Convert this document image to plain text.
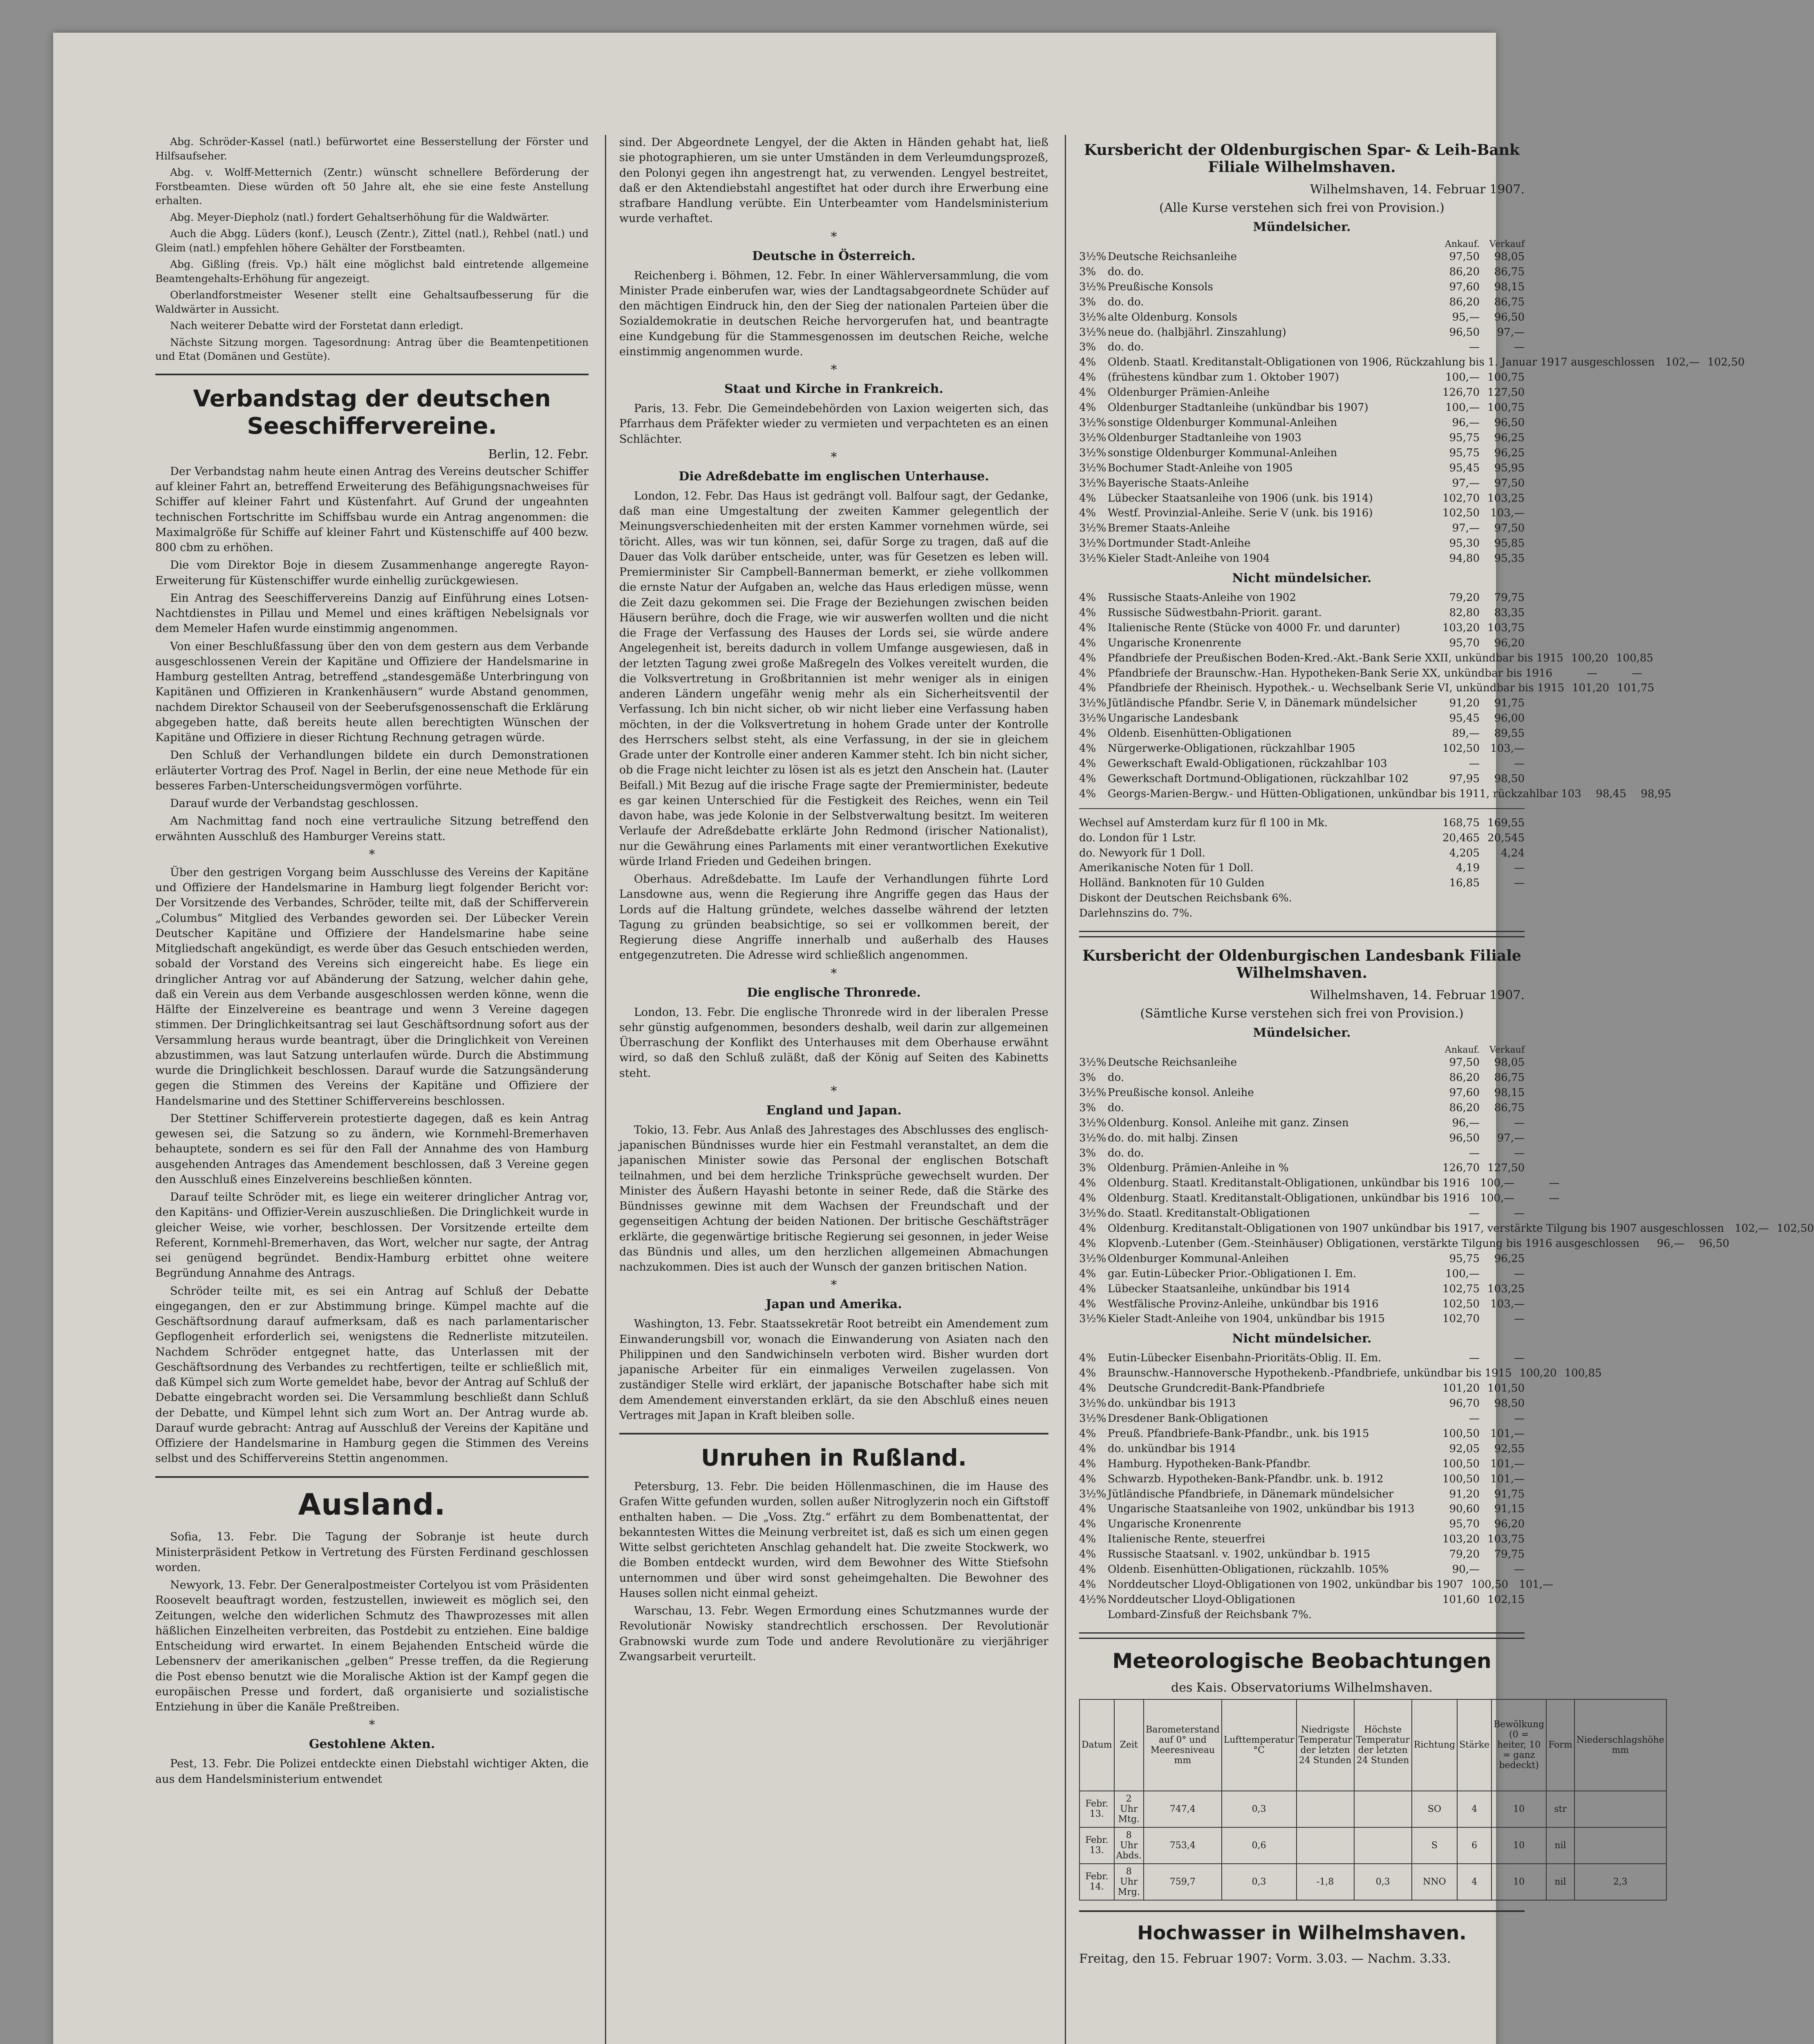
Abg. Schröder-Kassel (natl.) befürwortet eine Besserstellung der Förster und Hilfsaufseher.

Abg. v. Wolff-Metternich (Zentr.) wünscht schnellere Beförderung der Forstbeamten. Diese würden oft 50 Jahre alt, ehe sie eine feste Anstellung erhalten.

Abg. Meyer-Diepholz (natl.) fordert Gehaltserhöhung für die Waldwärter.

Auch die Abgg. Lüders (konf.), Leusch (Zentr.), Zittel (natl.), Rehbel (natl.) und Gleim (natl.) empfehlen höhere Gehälter der Forstbeamten.

Abg. Gißling (freis. Vp.) hält eine möglichst bald eintretende allgemeine Beamtengehalts-Erhöhung für angezeigt.

Oberlandforstmeister Wesener stellt eine Gehaltsaufbesserung für die Waldwärter in Aussicht.

Nach weiterer Debatte wird der Forstetat dann erledigt.

Nächste Sitzung morgen. Tagesordnung: Antrag über die Beamtenpetitionen und Etat (Domänen und Gestüte).

Verbandstag der deutschen Seeschiffervereine.
Berlin, 12. Febr.

Der Verbandstag nahm heute einen Antrag des Vereins deutscher Schiffer auf kleiner Fahrt an, betreffend Erweiterung des Befähigungsnachweises für Schiffer auf kleiner Fahrt und Küstenfahrt. Auf Grund der ungeahnten technischen Fortschritte im Schiffsbau wurde ein Antrag angenommen: die Maximalgröße für Schiffe auf kleiner Fahrt und Küstenschiffe auf 400 bezw. 800 cbm zu erhöhen.

Die vom Direktor Boje in diesem Zusammenhange angeregte Rayon-Erweiterung für Küstenschiffer wurde einhellig zurückgewiesen.

Ein Antrag des Seeschiffervereins Danzig auf Einführung eines Lotsen-Nachtdienstes in Pillau und Memel und eines kräftigen Nebelsignals vor dem Memeler Hafen wurde einstimmig angenommen.

Von einer Beschlußfassung über den von dem gestern aus dem Verbande ausgeschlossenen Verein der Kapitäne und Offiziere der Handelsmarine in Hamburg gestellten Antrag, betreffend „standesgemäße Unterbringung von Kapitänen und Offizieren in Krankenhäusern“ wurde Abstand genommen, nachdem Direktor Schauseil von der Seeberufsgenossenschaft die Erklärung abgegeben hatte, daß bereits heute allen berechtigten Wünschen der Kapitäne und Offiziere in dieser Richtung Rechnung getragen würde.

Den Schluß der Verhandlungen bildete ein durch Demonstrationen erläuterter Vortrag des Prof. Nagel in Berlin, der eine neue Methode für ein besseres Farben-Unterscheidungsvermögen vorführte.

Darauf wurde der Verbandstag geschlossen.

Am Nachmittag fand noch eine vertrauliche Sitzung betreffend den erwähnten Ausschluß des Hamburger Vereins statt.

*

Über den gestrigen Vorgang beim Ausschlusse des Vereins der Kapitäne und Offiziere der Handelsmarine in Hamburg liegt folgender Bericht vor: Der Vorsitzende des Verbandes, Schröder, teilte mit, daß der Schifferverein „Columbus“ Mitglied des Verbandes geworden sei. Der Lübecker Verein Deutscher Kapitäne und Offiziere der Handelsmarine habe seine Mitgliedschaft angekündigt, es werde über das Gesuch entschieden werden, sobald der Vorstand des Vereins sich eingereicht habe. Es liege ein dringlicher Antrag vor auf Abänderung der Satzung, welcher dahin gehe, daß ein Verein aus dem Verbande ausgeschlossen werden könne, wenn die Hälfte der Einzelvereine es beantrage und wenn 3 Vereine dagegen stimmen. Der Dringlichkeitsantrag sei laut Geschäftsordnung sofort aus der Versammlung heraus wurde beantragt, über die Dringlichkeit von Vereinen abzustimmen, was laut Satzung unterlaufen würde. Durch die Abstimmung wurde die Dringlichkeit beschlossen. Darauf wurde die Satzungsänderung gegen die Stimmen des Vereins der Kapitäne und Offiziere der Handelsmarine und des Stettiner Schiffervereins beschlossen.

Der Stettiner Schifferverein protestierte dagegen, daß es kein Antrag gewesen sei, die Satzung so zu ändern, wie Kornmehl-Bremerhaven behauptete, sondern es sei für den Fall der Annahme des von Hamburg ausgehenden Antrages das Amendement beschlossen, daß 3 Vereine gegen den Ausschluß eines Einzelvereins beschließen könnten.

Darauf teilte Schröder mit, es liege ein weiterer dringlicher Antrag vor, den Kapitäns- und Offizier-Verein auszuschließen. Die Dringlichkeit wurde in gleicher Weise, wie vorher, beschlossen. Der Vorsitzende erteilte dem Referent, Kornmehl-Bremerhaven, das Wort, welcher nur sagte, der Antrag sei genügend begründet. Bendix-Hamburg erbittet ohne weitere Begründung Annahme des Antrags.

Schröder teilte mit, es sei ein Antrag auf Schluß der Debatte eingegangen, den er zur Abstimmung bringe. Kümpel machte auf die Geschäftsordnung darauf aufmerksam, daß es nach parlamentarischer Gepflogenheit erforderlich sei, wenigstens die Rednerliste mitzuteilen. Nachdem Schröder entgegnet hatte, das Unterlassen mit der Geschäftsordnung des Verbandes zu rechtfertigen, teilte er schließlich mit, daß Kümpel sich zum Worte gemeldet habe, bevor der Antrag auf Schluß der Debatte eingebracht worden sei. Die Versammlung beschließt dann Schluß der Debatte, und Kümpel lehnt sich zum Wort an. Der Antrag wurde ab. Darauf wurde gebracht: Antrag auf Ausschluß der Vereins der Kapitäne und Offiziere der Handelsmarine in Hamburg gegen die Stimmen des Vereins selbst und des Schiffervereins Stettin angenommen.

Ausland.

Sofia, 13. Febr. Die Tagung der Sobranje ist heute durch Ministerpräsident Petkow in Vertretung des Fürsten Ferdinand geschlossen worden.

Newyork, 13. Febr. Der Generalpostmeister Cortelyou ist vom Präsidenten Roosevelt beauftragt worden, festzustellen, inwieweit es möglich sei, den Zeitungen, welche den widerlichen Schmutz des Thawprozesses mit allen häßlichen Einzelheiten verbreiten, das Postdebit zu entziehen. Eine baldige Entscheidung wird erwartet. In einem Bejahenden Entscheid würde die Lebensnerv der amerikanischen „gelben“ Presse treffen, da die Regierung die Post ebenso benutzt wie die Moralische Aktion ist der Kampf gegen die europäischen Presse und fordert, daß organisierte und sozialistische Entziehung in über die Kanäle Preßtreiben.

*
Gestohlene Akten.

Pest, 13. Febr. Die Polizei entdeckte einen Diebstahl wichtiger Akten, die aus dem Handelsministerium entwendet

sind. Der Abgeordnete Lengyel, der die Akten in Händen gehabt hat, ließ sie photographieren, um sie unter Umständen in dem Verleumdungsprozeß, den Polonyi gegen ihn angestrengt hat, zu verwenden. Lengyel bestreitet, daß er den Aktendiebstahl angestiftet hat oder durch ihre Erwerbung eine strafbare Handlung verübte. Ein Unterbeamter vom Handelsministerium wurde verhaftet.

*
Deutsche in Österreich.

Reichenberg i. Böhmen, 12. Febr. In einer Wählerversammlung, die vom Minister Prade einberufen war, wies der Landtagsabgeordnete Schüder auf den mächtigen Eindruck hin, den der Sieg der nationalen Parteien über die Sozialdemokratie in deutschen Reiche hervorgerufen hat, und beantragte eine Kundgebung für die Stammesgenossen im deutschen Reiche, welche einstimmig angenommen wurde.

*
Staat und Kirche in Frankreich.

Paris, 13. Febr. Die Gemeindebehörden von Laxion weigerten sich, das Pfarrhaus dem Präfekter wieder zu vermieten und verpachteten es an einen Schlächter.

*
Die Adreßdebatte im englischen Unterhause.

London, 12. Febr. Das Haus ist gedrängt voll. Balfour sagt, der Gedanke, daß man eine Umgestaltung der zweiten Kammer gelegentlich der Meinungsverschiedenheiten mit der ersten Kammer vornehmen würde, sei töricht. Alles, was wir tun können, sei, dafür Sorge zu tragen, daß auf die Dauer das Volk darüber entscheide, unter, was für Gesetzen es leben will. Premierminister Sir Campbell-Bannerman bemerkt, er ziehe vollkommen die ernste Natur der Aufgaben an, welche das Haus erledigen müsse, wenn die Zeit dazu gekommen sei. Die Frage der Beziehungen zwischen beiden Häusern berühre, doch die Frage, wie wir auswerfen wollten und die nicht die Frage der Verfassung des Hauses der Lords sei, sie würde andere Angelegenheit ist, bereits dadurch in vollem Umfange ausgewiesen, daß in der letzten Tagung zwei große Maßregeln des Volkes vereitelt wurden, die die Volksvertretung in Großbritannien ist mehr weniger als in einigen anderen Ländern ungefähr wenig mehr als ein Sicherheitsventil der Verfassung. Ich bin nicht sicher, ob wir nicht lieber eine Verfassung haben möchten, in der die Volksvertretung in hohem Grade unter der Kontrolle des Herrschers selbst steht, als eine Verfassung, in der sie in gleichem Grade unter der Kontrolle einer anderen Kammer steht. Ich bin nicht sicher, ob die Frage nicht leichter zu lösen ist als es jetzt den Anschein hat. (Lauter Beifall.) Mit Bezug auf die irische Frage sagte der Premierminister, bedeute es gar keinen Unterschied für die Festigkeit des Reiches, wenn ein Teil davon habe, was jede Kolonie in der Selbstverwaltung besitzt. Im weiteren Verlaufe der Adreßdebatte erklärte John Redmond (irischer Nationalist), nur die Gewährung eines Parlaments mit einer verantwortlichen Exekutive würde Irland Frieden und Gedeihen bringen.

Oberhaus. Adreßdebatte. Im Laufe der Verhandlungen führte Lord Lansdowne aus, wenn die Regierung ihre Angriffe gegen das Haus der Lords auf die Haltung gründete, welches dasselbe während der letzten Tagung zu gründen beabsichtige, so sei er vollkommen bereit, der Regierung diese Angriffe innerhalb und außerhalb des Hauses entgegenzutreten. Die Adresse wird schließlich angenommen.

*
Die englische Thronrede.

London, 13. Febr. Die englische Thronrede wird in der liberalen Presse sehr günstig aufgenommen, besonders deshalb, weil darin zur allgemeinen Überraschung der Konflikt des Unterhauses mit dem Oberhause erwähnt wird, so daß den Schluß zuläßt, daß der König auf Seiten des Kabinetts steht.

*
England und Japan.

Tokio, 13. Febr. Aus Anlaß des Jahrestages des Abschlusses des englisch-japanischen Bündnisses wurde hier ein Festmahl veranstaltet, an dem die japanischen Minister sowie das Personal der englischen Botschaft teilnahmen, und bei dem herzliche Trinksprüche gewechselt wurden. Der Minister des Äußern Hayashi betonte in seiner Rede, daß die Stärke des Bündnisses gewinne mit dem Wachsen der Freundschaft und der gegenseitigen Achtung der beiden Nationen. Der britische Geschäftsträger erklärte, die gegenwärtige britische Regierung sei gesonnen, in jeder Weise das Bündnis und alles, um den herzlichen allgemeinen Abmachungen nachzukommen. Dies ist auch der Wunsch der ganzen britischen Nation.

*
Japan und Amerika.

Washington, 13. Febr. Staatssekretär Root betreibt ein Amendement zum Einwanderungsbill vor, wonach die Einwanderung von Asiaten nach den Philippinen und den Sandwichinseln verboten wird. Bisher wurden dort japanische Arbeiter für ein einmaliges Verweilen zugelassen. Von zuständiger Stelle wird erklärt, der japanische Botschafter habe sich mit dem Amendement einverstanden erklärt, da sie den Abschluß eines neuen Vertrages mit Japan in Kraft bleiben solle.

Unruhen in Rußland.

Petersburg, 13. Febr. Die beiden Höllenmaschinen, die im Hause des Grafen Witte gefunden wurden, sollen außer Nitroglyzerin noch ein Giftstoff enthalten haben. — Die „Voss. Ztg.“ erfährt zu dem Bombenattentat, der bekanntesten Wittes die Meinung verbreitet ist, daß es sich um einen gegen Witte selbst gerichteten Anschlag gehandelt hat. Die zweite Stockwerk, wo die Bomben entdeckt wurden, wird dem Bewohner des Witte Stiefsohn unternommen und über wird sonst geheimgehalten. Die Bewohner des Hauses sollen nicht einmal geheizt.

Warschau, 13. Febr. Wegen Ermordung eines Schutzmannes wurde der Revolutionär Nowisky standrechtlich erschossen. Der Revolutionär Grabnowski wurde zum Tode und andere Revolutionäre zu vierjähriger Zwangsarbeit verurteilt.

Kursbericht der Oldenburgischen Spar- & Leih-Bank Filiale Wilhelmshaven.
Wilhelmshaven, 14. Februar 1907.
(Alle Kurse verstehen sich frei von Provision.)
Mündelsicher.
Ankauf.	Verkauf
3½% Deutsche Reichsanleihe	97,50	98,05
3%	do. do.	86,20	86,75
3½% Preußische Konsols	97,60	98,15
3%	do. do.	86,20	86,75
3½% alte Oldenburg. Konsols	95,—	96,50
3½% neue do. (halbjährl. Zinszahlung)	96,50	97,—
3%	do. do.	—	—
4%	Oldenb. Staatl. Kreditanstalt-Obligationen von 1906, Rückzahlung bis 1. Januar 1917 ausgeschlossen	102,— 102,50
4%	(frühestens kündbar zum 1. Oktober 1907)	100,— 100,75
4%	Oldenburger Prämien-Anleihe	126,70 127,50
4%	Oldenburger Stadtanleihe (unkündbar bis 1907)	100,— 100,75
3½% sonstige Oldenburger Kommunal-Anleihen	96,—	96,50
3½% Oldenburger Stadtanleihe von 1903	95,75	96,25
3½% sonstige Oldenburger Kommunal-Anleihen	95,75	96,25
3½% Bochumer Stadt-Anleihe von 1905	95,45	95,95
3½% Bayerische Staats-Anleihe	97,—	97,50
4%	Lübecker Staatsanleihe von 1906 (unk. bis 1914)	102,70 103,25
4%	Westf. Provinzial-Anleihe. Serie V (unk. bis 1916)	102,50	103,—
3½% Bremer Staats-Anleihe	97,—	97,50
3½% Dortmunder Stadt-Anleihe	95,30	95,85
3½% Kieler Stadt-Anleihe von 1904	94,80	95,35
Nicht mündelsicher.
4%	Russische Staats-Anleihe von 1902	79,20	79,75
4%	Russische Südwestbahn-Priorit. garant.	82,80	83,35
4%	Italienische Rente (Stücke von 4000 Fr. und darunter)	103,20 103,75
4%	Ungarische Kronenrente	95,70	96,20
4%	Pfandbriefe der Preußischen Boden-Kred.-Akt.-Bank Serie XXII, unkündbar bis 1915 100,20 100,85
4%	Pfandbriefe der Braunschw.-Han. Hypotheken-Bank Serie XX, unkündbar bis 1916	—	—
4%	Pfandbriefe der Rheinisch. Hypothek.- u. Wechselbank Serie VI, unkündbar bis 1915 101,20 101,75
3½% Jütländische Pfandbr. Serie V, in Dänemark mündelsicher	91,20	91,75
3½% Ungarische Landesbank	95,45	96,00
4%	Oldenb. Eisenhütten-Obligationen	89,—	89,55
4%	Nürgerwerke-Obligationen, rückzahlbar 1905	102,50	103,—
4%	Gewerkschaft Ewald-Obligationen, rückzahlbar 103	—	—
4%	Gewerkschaft Dortmund-Obligationen, rückzahlbar 102	97,95	98,50
4%	Georgs-Marien-Bergw.- und Hütten-Obligationen, unkündbar bis 1911, rückzahlbar 103	98,45	98,95
Wechsel auf Amsterdam kurz für fl 100 in Mk.	168,75 169,55
do. London für 1 Lstr.	20,465 20,545
do. Newyork für 1 Doll.	4,205	4,24
Amerikanische Noten für 1 Doll.	4,19	—
Holländ. Banknoten für 10 Gulden	16,85	—
Diskont der Deutschen Reichsbank 6%.
Darlehnszins do. 7%.
Kursbericht der Oldenburgischen Landesbank Filiale Wilhelmshaven.
Wilhelmshaven, 14. Februar 1907.
(Sämtliche Kurse verstehen sich frei von Provision.)
Mündelsicher.
Ankauf.	Verkauf
3½% Deutsche Reichsanleihe	97,50	98,05
3%	do.	86,20	86,75
3½% Preußische konsol. Anleihe	97,60	98,15
3%	do.	86,20	86,75
3½% Oldenburg. Konsol. Anleihe mit ganz. Zinsen	96,—	—
3½% do. do. mit halbj. Zinsen	96,50	97,—
3%	do. do.	—	—
3%	Oldenburg. Prämien-Anleihe in %	126,70 127,50
4%	Oldenburg. Staatl. Kreditanstalt-Obligationen, unkündbar bis 1916	100,—	—
4%	Oldenburg. Staatl. Kreditanstalt-Obligationen, unkündbar bis 1916	100,—	—
3½% do. Staatl. Kreditanstalt-Obligationen	—	—
4%	Oldenburg. Kreditanstalt-Obligationen von 1907 unkündbar bis 1917, verstärkte Tilgung bis 1907 ausgeschlossen	102,— 102,50
4%	Klopvenb.-Lutenber (Gem.-Steinhäuser) Obligationen, verstärkte Tilgung bis 1916 ausgeschlossen	96,—	96,50
3½% Oldenburger Kommunal-Anleihen	95,75	96,25
4%	gar. Eutin-Lübecker Prior.-Obligationen I. Em.	100,—	—
4%	Lübecker Staatsanleihe, unkündbar bis 1914	102,75 103,25
4%	Westfälische Provinz-Anleihe, unkündbar bis 1916	102,50	103,—
3½% Kieler Stadt-Anleihe von 1904, unkündbar bis 1915	102,70	—
Nicht mündelsicher.
4%	Eutin-Lübecker Eisenbahn-Prioritäts-Oblig. II. Em.	—	—
4%	Braunschw.-Hannoversche Hypothekenb.-Pfandbriefe, unkündbar bis 1915 100,20 100,85
4%	Deutsche Grundcredit-Bank-Pfandbriefe	101,20 101,50
3½% do. unkündbar bis 1913	96,70	98,50
3½% Dresdener Bank-Obligationen	—	—
4%	Preuß. Pfandbriefe-Bank-Pfandbr., unk. bis 1915	100,50	101,—
4%	do. unkündbar bis 1914	92,05	92,55
4%	Hamburg. Hypotheken-Bank-Pfandbr.	100,50	101,—
4%	Schwarzb. Hypotheken-Bank-Pfandbr. unk. b. 1912	100,50	101,—
3½% Jütländische Pfandbriefe, in Dänemark mündelsicher	91,20	91,75
4%	Ungarische Staatsanleihe von 1902, unkündbar bis 1913	90,60	91,15
4%	Ungarische Kronenrente	95,70	96,20
4%	Italienische Rente, steuerfrei	103,20 103,75
4%	Russische Staatsanl. v. 1902, unkündbar b. 1915	79,20	79,75
4%	Oldenb. Eisenhütten-Obligationen, rückzahlb. 105%	90,—	—
4%	Norddeutscher Lloyd-Obligationen von 1902, unkündbar bis 1907 100,50	101,—
4½% Norddeutscher Lloyd-Obligationen	101,60 102,15
Lombard-Zinsfuß der Reichsbank 7%.
Meteorologische Beobachtungen
des Kais. Observatoriums Wilhelmshaven.
Datum	Zeit	Barometerstand auf 0° und Meeresniveau mm	Lufttemperatur °C	Niedrigste Temperatur der letzten 24 Stunden	Höchste Temperatur der letzten 24 Stunden	Richtung	Stärke	Bewölkung (0 = heiter, 10 = ganz bedeckt)	Form	Niederschlagshöhe mm
Febr. 13.	2 Uhr Mtg.	747,4	0,3			SO	4	10	str	
Febr. 13.	8 Uhr Abds.	753,4	0,6			S	6	10	nil	
Febr. 14.	8 Uhr Mrg.	759,7	0,3	-1,8	0,3	NNO	4	10	nil	2,3
Hochwasser in Wilhelmshaven.
Freitag, den 15. Februar 1907: Vorm. 3.03. — Nachm. 3.33.
